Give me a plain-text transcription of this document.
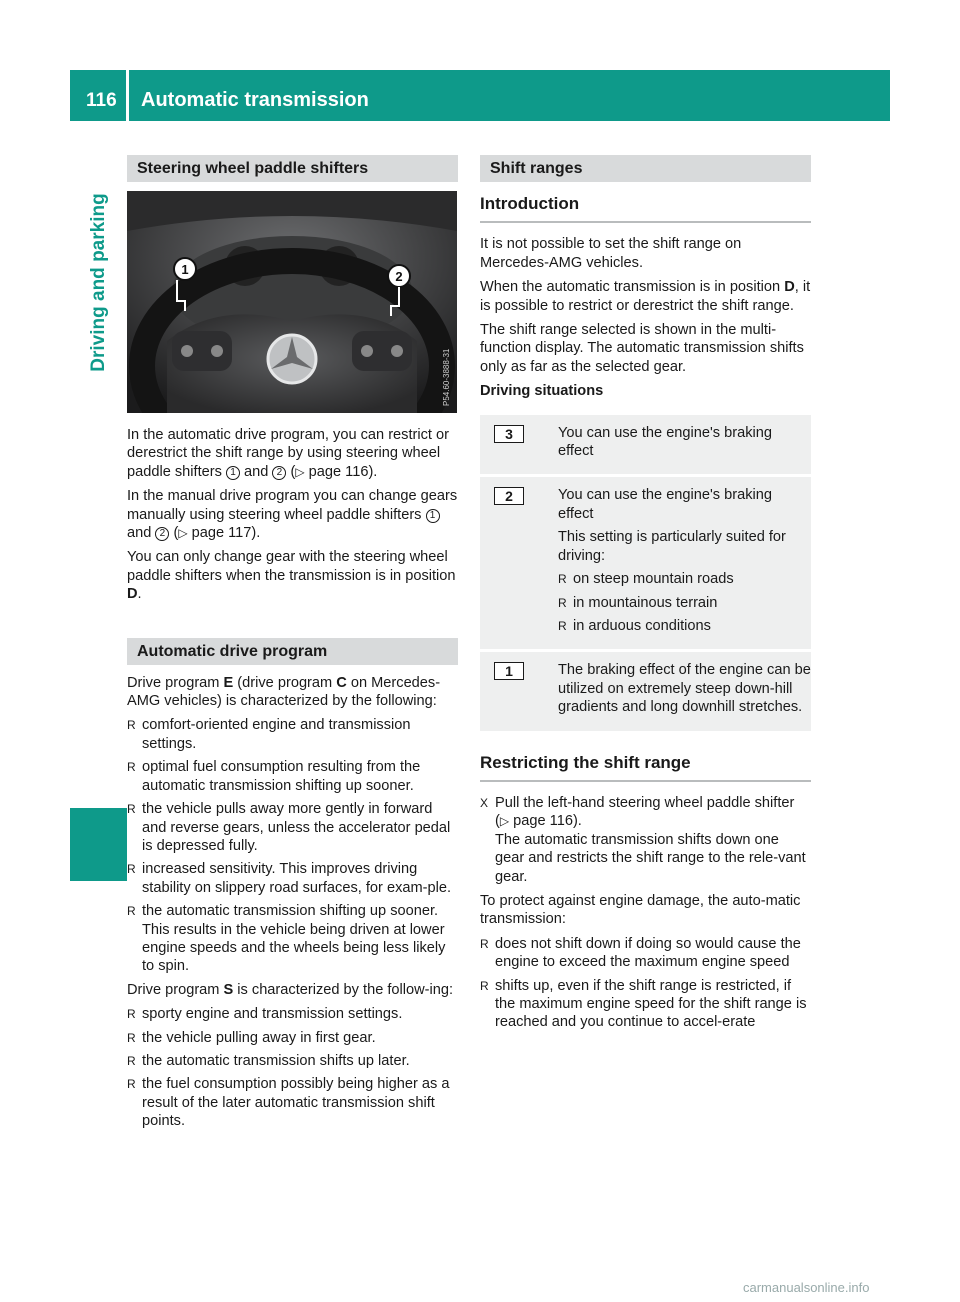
116 Automatic transmission
Driving and parking
Steering wheel paddle shifters
1	2
P54.60-3888-31

In the automatic drive program, you can restrict or derestrict the shift range by using steering wheel paddle shifters 1 and 2 (▷ page 116).

In the manual drive program you can change gears manually using steering wheel paddle shifters 1 and 2 (▷ page 117).

You can only change gear with the steering wheel paddle shifters when the transmission is in position D.

Automatic drive program

Drive program E (drive program C on Mercedes-AMG vehicles) is characterized by the following:

R comfort-oriented engine and transmission settings.
R optimal fuel consumption resulting from the automatic transmission shifting up sooner.
R the vehicle pulls away more gently in forward and reverse gears, unless the accelerator pedal is depressed fully.
R increased sensitivity. This improves driving stability on slippery road surfaces, for exam-ple.
R the automatic transmission shifting up sooner. This results in the vehicle being driven at lower engine speeds and the wheels being less likely to spin.

Drive program S is characterized by the follow-ing:

R sporty engine and transmission settings.
R the vehicle pulling away in first gear.
R the automatic transmission shifts up later.
R the fuel consumption possibly being higher as a result of the later automatic transmission shift points.
Shift ranges
Introduction

It is not possible to set the shift range on Mercedes-AMG vehicles.

When the automatic transmission is in position D, it is possible to restrict or derestrict the shift range.

The shift range selected is shown in the multi-function display. The automatic transmission shifts only as far as the selected gear.

Driving situations

3	You can use the engine's braking effect

2	You can use the engine's braking effect

This setting is particularly suited for driving:

R on steep mountain roads
R in mountainous terrain
R in arduous conditions
1	The braking effect of the engine can be utilized on extremely steep down-hill gradients and long downhill stretches.

Restricting the shift range
X Pull the left-hand steering wheel paddle shifter (▷ page 116).
The automatic transmission shifts down one gear and restricts the shift range to the rele-vant gear.

To protect against engine damage, the auto-matic transmission:

R does not shift down if doing so would cause the engine to exceed the maximum engine speed
R shifts up, even if the shift range is restricted, if the maximum engine speed for the shift range is reached and you continue to accel-erate
carmanualsonline.info
